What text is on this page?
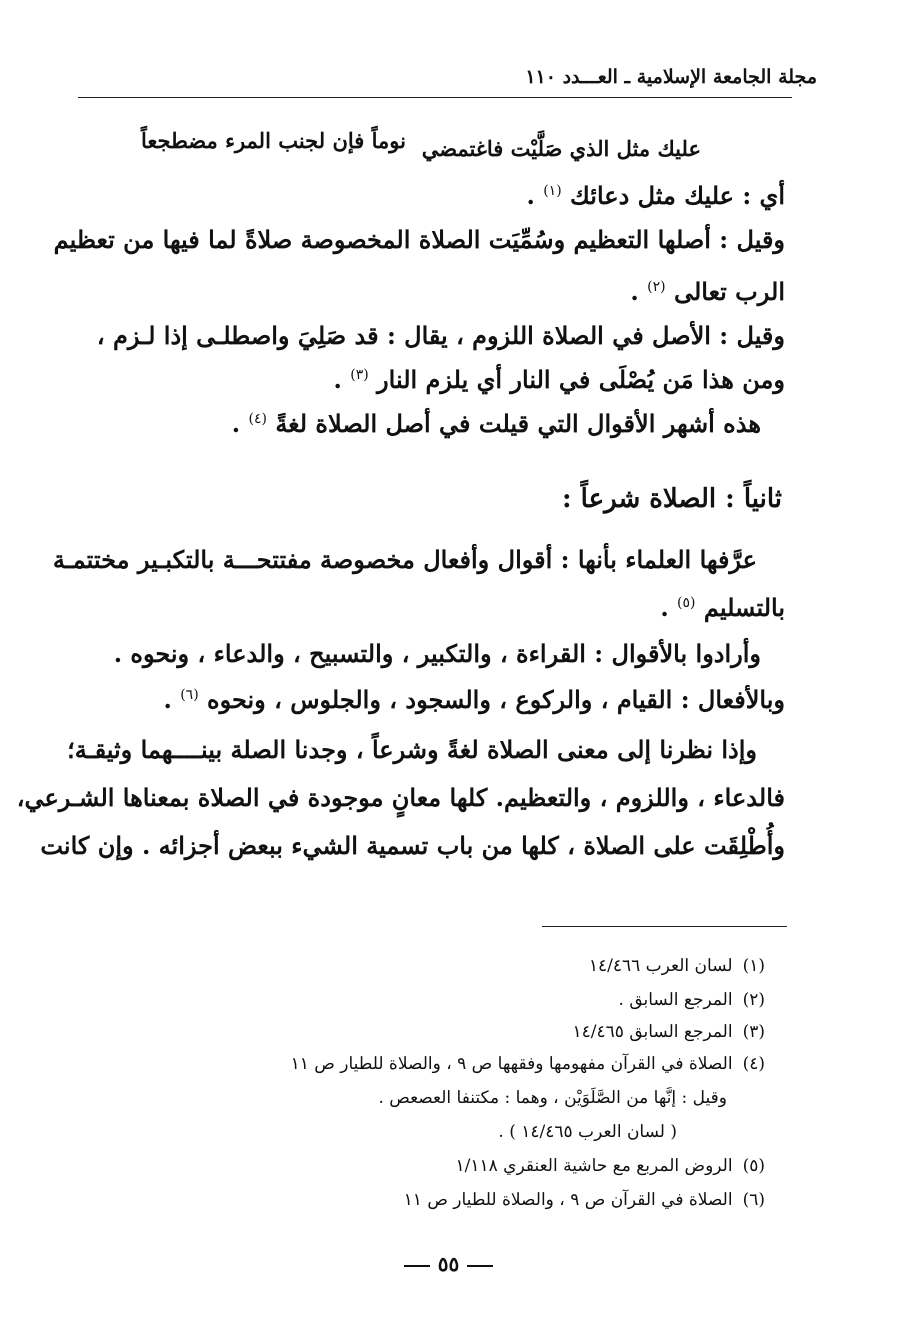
مجلة الجامعة الإسلامية ـ العـــدد ١١٠
عليك مثل الذي صَلَّيْت فاغتمضي
نوماً فإن لجنب المرء مضطجعاً
أي : عليك مثل دعائك $^{(١)}$ .
وقيل : أصلها التعظيم وسُمِّيَت الصلاة المخصوصة صلاةً لما فيها من تعظيم
الرب تعالى $^{(٢)}$ .
وقيل : الأصل في الصلاة اللزوم ، يقال : قد صَلِيَ واصطلـى إذا لـزم ،
ومن هذا مَن يُصْلَى في النار أي يلزم النار $^{(٣)}$ .
هذه أشهر الأقوال التي قيلت في أصل الصلاة لغةً $^{(٤)}$ .
ثانياً : الصلاة شرعاً :
عرَّفها العلماء بأنها : أقوال وأفعال مخصوصة مفتتحـــة بالتكبـير مختتمـة
بالتسليم $^{(٥)}$ .
وأرادوا بالأقوال : القراءة ، والتكبير ، والتسبيح ، والدعاء ، ونحوه .
وبالأفعال : القيام ، والركوع ، والسجود ، والجلوس ، ونحوه $^{(٦)}$ .
وإذا نظرنا إلى معنى الصلاة لغةً وشرعاً ، وجدنا الصلة بينــــهما وثيقـة؛
فالدعاء ، واللزوم ، والتعظيم. كلها معانٍ موجودة في الصلاة بمعناها الشـرعي،
وأُطْلِقَت على الصلاة ، كلها من باب تسمية الشيء ببعض أجزائه . وإن كانت
(١)لسان العرب ١٤/٤٦٦
(٢)المرجع السابق .
(٣)المرجع السابق ١٤/٤٦٥
(٤)الصلاة في القرآن مفهومها وفقهها ص ٩ ، والصلاة للطيار ص ١١
وقيل : إنَّها من الصَّلَوَيْن ، وهما : مكتنفا العصعص .
( لسان العرب ١٤/٤٦٥ ) .
(٥)الروض المربع مع حاشية العنقري ١/١١٨
(٦)الصلاة في القرآن ص ٩ ، والصلاة للطيار ص ١١
٥٥
